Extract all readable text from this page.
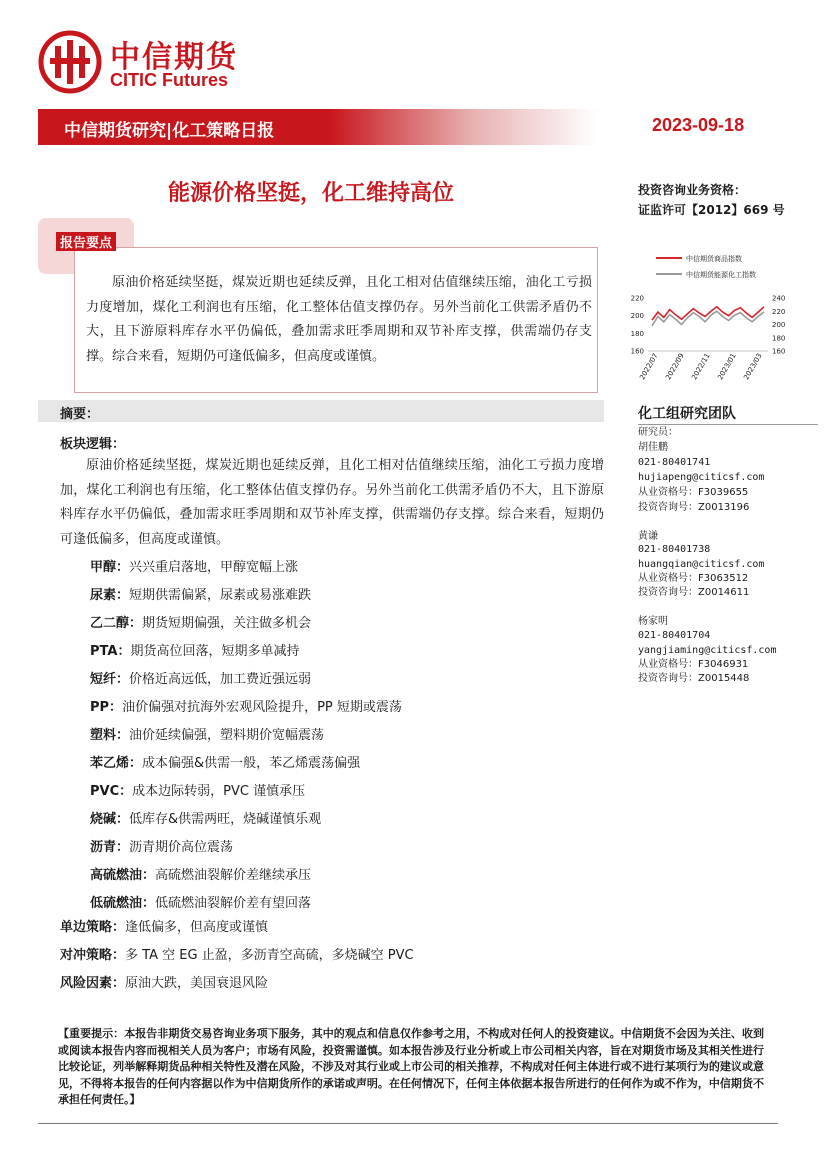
中信期货
CITIC Futures
中信期货研究|化工策略日报	2023-09-18
能源价格坚挺，化工维持高位	投资咨询业务资格：
证监许可【2012】669 号
报告要点
原油价格延续坚挺，煤炭近期也延续反弹，且化工相对估值继续压缩，油化工亏损力度增加，煤化工利润也有压缩，化工整体估值支撑仍存。另外当前化工供需矛盾仍不大，且下游原料库存水平仍偏低，叠加需求旺季周期和双节补库支撑，供需端仍存支撑。综合来看，短期仍可逢低偏多，但高度或谨慎。
中信期货商品指数
中信期货能源化工指数
160
180
200
220
160
180
200
220
240
2022/07 2022/09 2022/11 2023/01 2023/03
摘要：
板块逻辑：
原油价格延续坚挺，煤炭近期也延续反弹，且化工相对估值继续压缩，油化工亏损力度增加，煤化工利润也有压缩，化工整体估值支撑仍存。另外当前化工供需矛盾仍不大，且下游原料库存水平仍偏低，叠加需求旺季周期和双节补库支撑，供需端仍存支撑。综合来看，短期仍可逢低偏多，但高度或谨慎。
甲醇：兴兴重启落地，甲醇宽幅上涨
尿素：短期供需偏紧，尿素或易涨难跌
乙二醇：期货短期偏强，关注做多机会
PTA：期货高位回落，短期多单减持
短纤：价格近高远低，加工费近强远弱
PP：油价偏强对抗海外宏观风险提升，PP 短期或震荡
塑料：油价延续偏强，塑料期价宽幅震荡
苯乙烯：成本偏强&供需一般，苯乙烯震荡偏强
PVC：成本边际转弱，PVC 谨慎承压
烧碱：低库存&供需两旺，烧碱谨慎乐观
沥青：沥青期价高位震荡
高硫燃油：高硫燃油裂解价差继续承压
低硫燃油：低硫燃油裂解价差有望回落
单边策略：逢低偏多，但高度或谨慎
对冲策略：多 TA 空 EG 止盈，多沥青空高硫，多烧碱空 PVC
风险因素：原油大跌，美国衰退风险
化工组研究团队
研究员：
胡佳鹏
021-80401741
hujiapeng@citicsf.com
从业资格号：F3039655
投资咨询号：Z0013196
黄谦
021-80401738
huangqian@citicsf.com
从业资格号：F3063512
投资咨询号：Z0014611
杨家明
021-80401704
yangjiaming@citicsf.com
从业资格号：F3046931
投资咨询号：Z0015448
【重要提示：本报告非期货交易咨询业务项下服务，其中的观点和信息仅作参考之用，不构成对任何人的投资建议。中信期货不会因为关注、收到或阅读本报告内容而视相关人员为客户；市场有风险，投资需谨慎。如本报告涉及行业分析或上市公司相关内容，旨在对期货市场及其相关性进行比较论证，列举解释期货品种相关特性及潜在风险，不涉及对其行业或上市公司的相关推荐，不构成对任何主体进行或不进行某项行为的建议或意见，不得将本报告的任何内容据以作为中信期货所作的承诺或声明。在任何情况下，任何主体依据本报告所进行的任何作为或不作为，中信期货不承担任何责任。】
